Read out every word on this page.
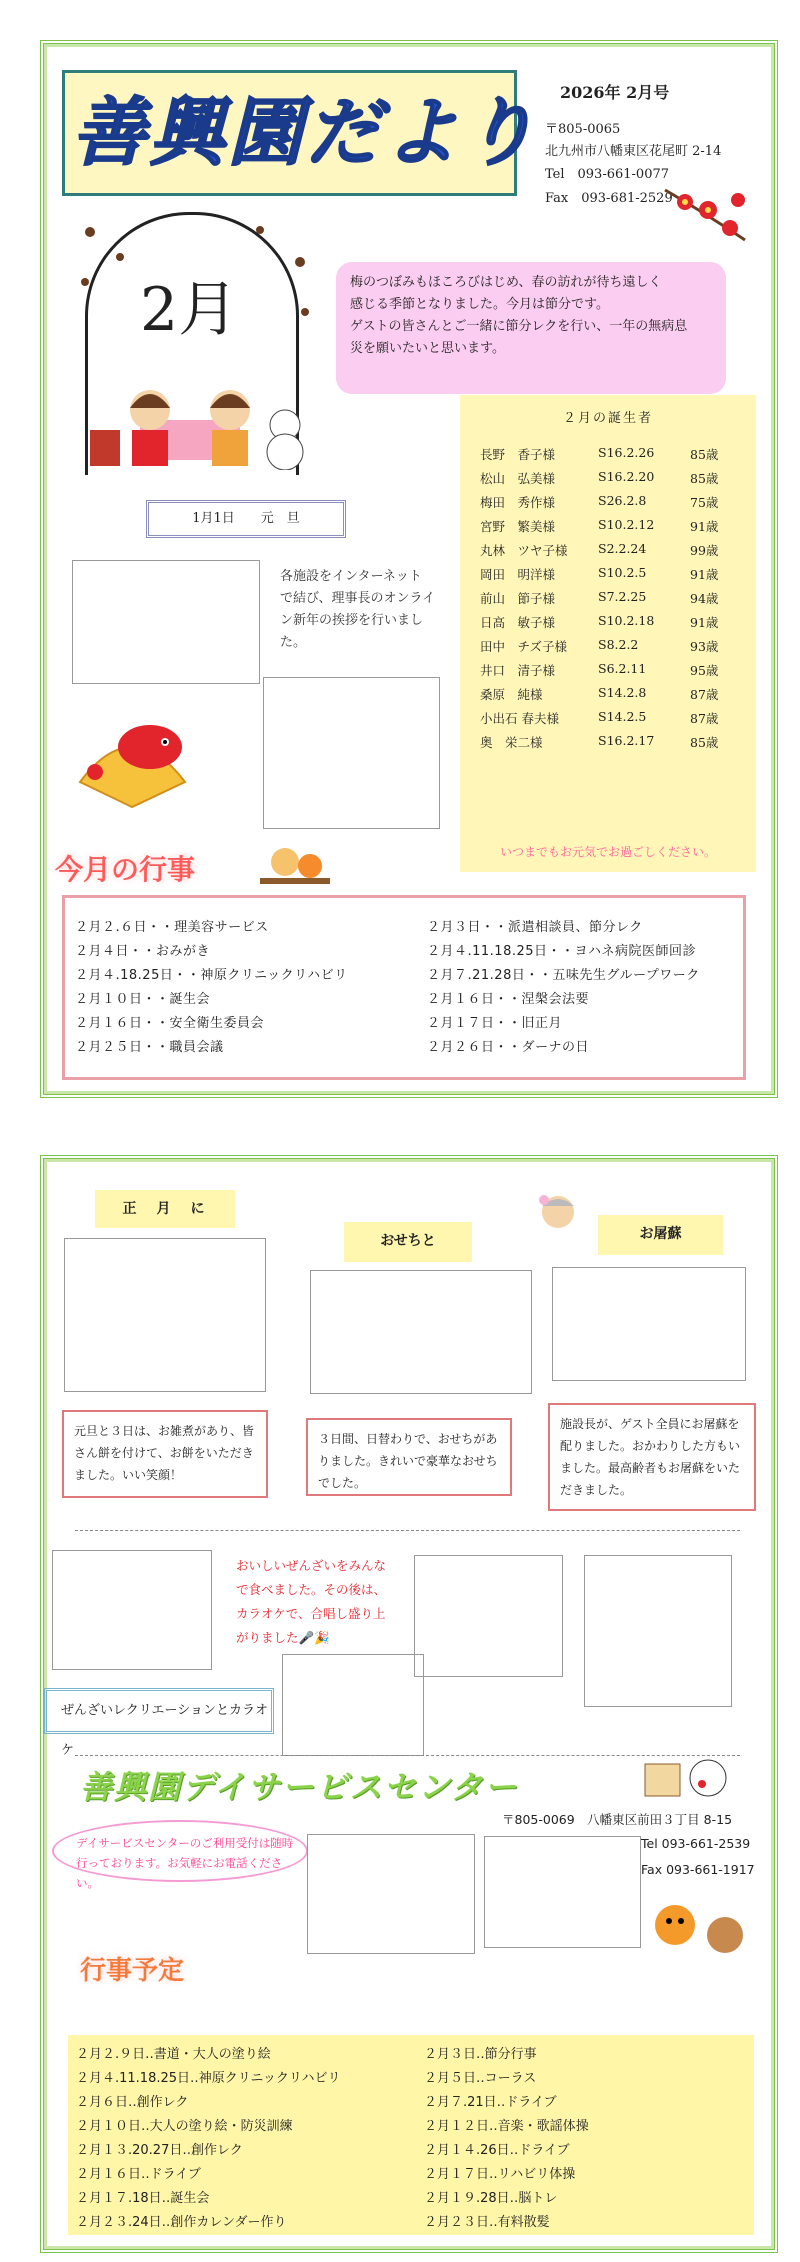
善興園だより 2026年 2月号
〒805-0065
北九州市八幡東区花尾町 2-14
Tel　093-661-0077
Fax　093-681-2529
2月	梅のつぼみもほころびはじめ、春の訪れが待ち遠しく
感じる季節となりました。今月は節分です。
ゲストの皆さんとご一緒に節分レクを行い、一年の無病息
災を願いたいと思います。
２月の誕生者
長野　香子様	S16.2.26	85歳
松山　弘美様	S16.2.20	85歳
梅田　秀作様	S26.2.8	75歳
宮野　繁美様	S10.2.12	91歳
丸林　ツヤ子様	S2.2.24	99歳
岡田　明洋様	S10.2.5	91歳
前山　節子様	S7.2.25	94歳
日高　敏子様	S10.2.18	91歳
田中　チズ子様	S8.2.2	93歳
井口　清子様	S6.2.11	95歳
桑原　純様	S14.2.8	87歳
小出石 春夫様	S14.2.5	87歳
奥　栄二様	S16.2.17	85歳
いつまでもお元気でお過ごしください。
1月1日　　元　旦
各施設をインターネット
で結び、理事長のオンライ
ン新年の挨拶を行いまし
た。
今月の行事
２月２.６日・・理美容サービス
２月４日・・おみがき
２月４.18.25日・・神原クリニックリハビリ
２月１０日・・誕生会
２月１６日・・安全衛生委員会
２月２５日・・職員会議
２月３日・・派遣相談員、節分レク
２月４.11.18.25日・・ヨハネ病院医師回診
２月７.21.28日・・五味先生グループワーク
２月１６日・・涅槃会法要
２月１７日・・旧正月
２月２６日・・ダーナの日
正　月　に
おせちと	お屠蘇
元旦と３日は、お雑煮があり、皆
さん餅を付けて、お餅をいただき
ました。いい笑顔！
３日間、日替わりで、おせちがあ
りました。きれいで豪華なおせち
でした。
施設長が、ゲスト全員にお屠蘇を
配りました。おかわりした方もい
ました。最高齢者もお屠蘇をいた
だきました。
おいしいぜんざいをみんな
で食べました。その後は、
カラオケで、合唱し盛り上
がりました🎤🎉
ぜんざいレクリエーションとカラオケ
善興園デイサービスセンター
〒805-0069　八幡東区前田３丁目 8-15
Tel 093-661-2539
Fax 093-661-1917
デイサービスセンターのご利用受付は随時
行っております。お気軽にお電話ください。
行事予定
２月２.９日‥書道・大人の塗り絵
２月４.11.18.25日‥神原クリニックリハビリ
２月６日‥創作レク
２月１０日‥大人の塗り絵・防災訓練
２月１３.20.27日‥創作レク
２月１６日‥ドライブ
２月１７.18日‥誕生会
２月２３.24日‥創作カレンダー作り
２月３日‥節分行事
２月５日‥コーラス
２月７.21日‥ドライブ
２月１２日‥音楽・歌謡体操
２月１４.26日‥ドライブ
２月１７日‥リハビリ体操
２月１９.28日‥脳トレ
２月２３日‥有料散髪
